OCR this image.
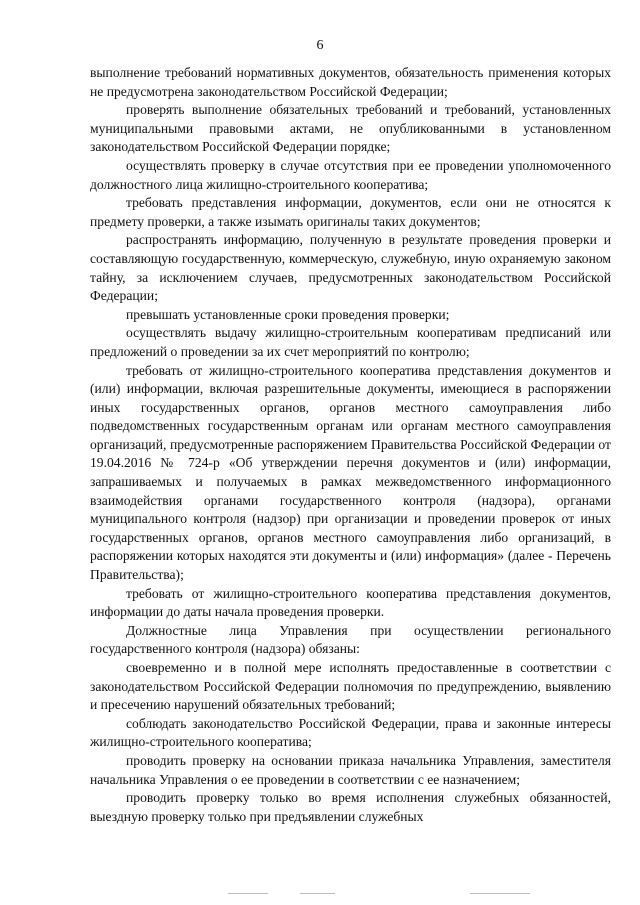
6

выполнение требований нормативных документов, обязательность применения которых не предусмотрена законодательством Российской Федерации;

проверять выполнение обязательных требований и требований, установленных муниципальными правовыми актами, не опубликованными в установленном законодательством Российской Федерации порядке;

осуществлять проверку в случае отсутствия при ее проведении уполномоченного должностного лица жилищно-строительного кооператива;

требовать представления информации, документов, если они не относятся к предмету проверки, а также изымать оригиналы таких документов;

распространять информацию, полученную в результате проведения проверки и составляющую государственную, коммерческую, служебную, иную охраняемую законом тайну, за исключением случаев, предусмотренных законодательством Российской Федерации;

превышать установленные сроки проведения проверки;

осуществлять выдачу жилищно-строительным кооперативам предписаний или предложений о проведении за их счет мероприятий по контролю;

требовать от жилищно-строительного кооператива представления документов и (или) информации, включая разрешительные документы, имеющиеся в распоряжении иных государственных органов, органов местного самоуправления либо подведомственных государственным органам или органам местного самоуправления организаций, предусмотренные распоряжением Правительства Российской Федерации от 19.04.2016 № 724-р «Об утверждении перечня документов и (или) информации, запрашиваемых и получаемых в рамках межведомственного информационного взаимодействия органами государственного контроля (надзора), органами муниципального контроля (надзор) при организации и проведении проверок от иных государственных органов, органов местного самоуправления либо организаций, в распоряжении которых находятся эти документы и (или) информация» (далее - Перечень Правительства);

требовать от жилищно-строительного кооператива представления документов, информации до даты начала проведения проверки.

Должностные лица Управления при осуществлении регионального государственного контроля (надзора) обязаны:

своевременно и в полной мере исполнять предоставленные в соответствии с законодательством Российской Федерации полномочия по предупреждению, выявлению и пресечению нарушений обязательных требований;

соблюдать законодательство Российской Федерации, права и законные интересы жилищно-строительного кооператива;

проводить проверку на основании приказа начальника Управления, заместителя начальника Управления о ее проведении в соответствии с ее назначением;

проводить проверку только во время исполнения служебных обязанностей, выездную проверку только при предъявлении служебных
